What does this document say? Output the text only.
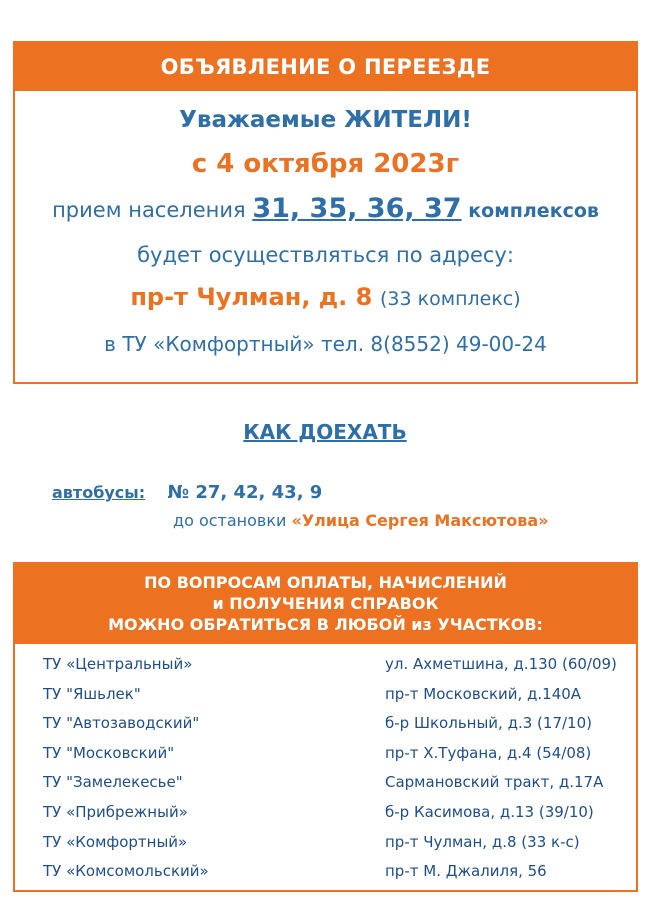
ОБЪЯВЛЕНИЕ О ПЕРЕЕЗДЕ
Уважаемые ЖИТЕЛИ!
с 4 октября 2023г
прием населения 31, 35, 36, 37 комплексов
будет осуществляться по адресу:
пр-т Чулман, д. 8 (33 комплекс)
в ТУ «Комфортный» тел. 8(8552) 49-00-24
КАК ДОЕХАТЬ
автобусы: № 27, 42, 43, 9
до остановки «Улица Сергея Максютова»
ПО ВОПРОСАМ ОПЛАТЫ, НАЧИСЛЕНИЙ
и ПОЛУЧЕНИЯ СПРАВОК
МОЖНО ОБРАТИТЬСЯ В ЛЮБОЙ из УЧАСТКОВ:
ТУ «Центральный»	ул. Ахметшина, д.130 (60/09)
ТУ "Яшьлек"	пр-т Московский, д.140А
ТУ "Автозаводский"	б-р Школьный, д.3 (17/10)
ТУ "Московский"	пр-т Х.Туфана, д.4 (54/08)
ТУ "Замелекесье"	Сармановский тракт, д.17А
ТУ «Прибрежный»	б-р Касимова, д.13 (39/10)
ТУ «Комфортный»	пр-т Чулман, д.8 (33 к-с)
ТУ «Комсомольский»	пр-т М. Джалиля, 56
